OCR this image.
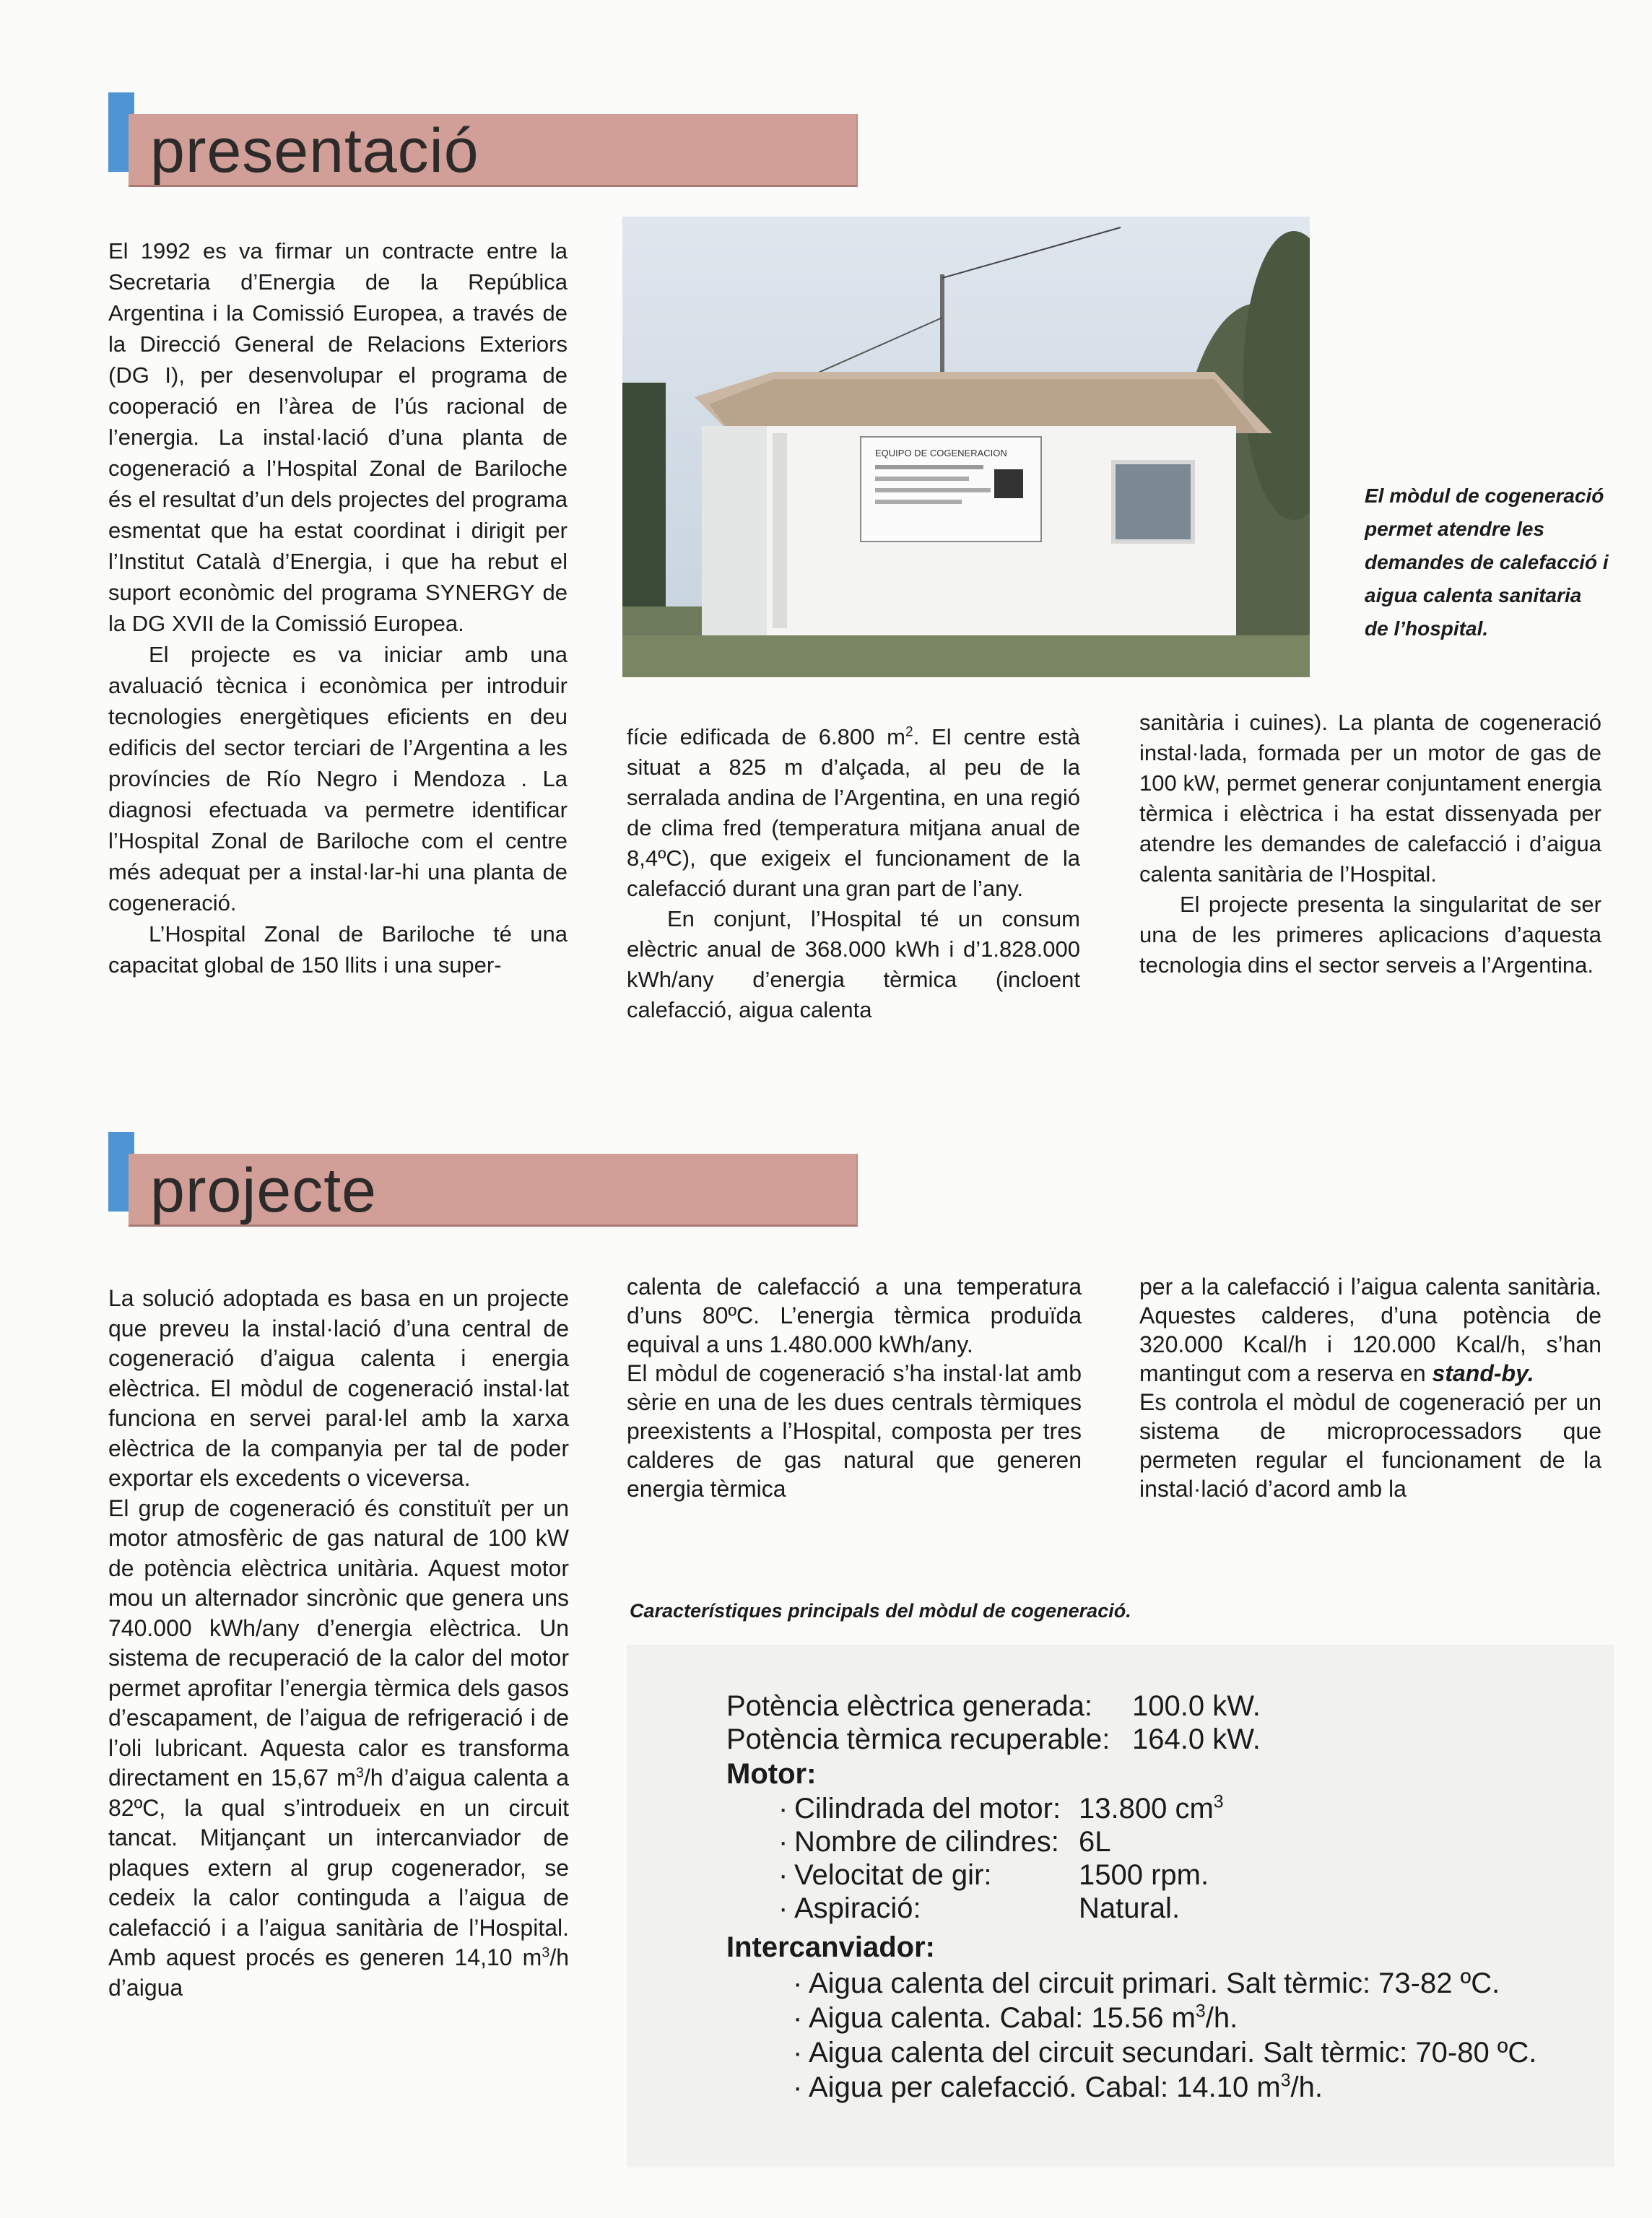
presentació

El 1992 es va firmar un contracte entre la Secretaria d’Energia de la República Argentina i la Comissió Europea, a través de la Direcció General de Relacions Exteriors (DG I), per desenvolupar el programa de cooperació en l’àrea de l’ús racional de l’energia. La instal·lació d’una planta de cogeneració a l’Hospital Zonal de Bariloche és el resultat d’un dels projectes del programa esmentat que ha estat coordinat i dirigit per l’Institut Català d’Energia, i que ha rebut el suport econòmic del programa SYNERGY de la DG XVII de la Comissió Europea.

El projecte es va iniciar amb una avaluació tècnica i econòmica per introduir tecnologies energètiques eficients en deu edificis del sector terciari de l’Argentina a les províncies de Río Negro i Mendoza . La diagnosi efectuada va permetre identificar l’Hospital Zonal de Bariloche com el centre més adequat per a instal·lar-hi una planta de cogeneració.

L’Hospital Zonal de Bariloche té una capacitat global de 150 llits i una super-

EQUIPO DE COGENERACION
El mòdul de cogeneració permet atendre les demandes de calefacció i aigua calenta sanitaria de l’hospital.

fície edificada de 6.800 $m^2$. El centre està situat a 825 m d’alçada, al peu de la serralada andina de l’Argentina, en una regió de clima fred (temperatura mitjana anual de 8,4ºC), que exigeix el funcionament de la calefacció durant una gran part de l’any.

En conjunt, l’Hospital té un consum elèctric anual de 368.000 kWh i d’1.828.000 kWh/any d’energia tèrmica (incloent calefacció, aigua calenta

sanitària i cuines). La planta de cogeneració instal·lada, formada per un motor de gas de 100 kW, permet generar conjuntament energia tèrmica i elèctrica i ha estat dissenyada per atendre les demandes de calefacció i d’aigua calenta sanitària de l’Hospital.

El projecte presenta la singularitat de ser una de les primeres aplicacions d’aquesta tecnologia dins el sector serveis a l’Argentina.

projecte

La solució adoptada es basa en un projecte que preveu la instal·lació d’una central de cogeneració d’aigua calenta i energia elèctrica. El mòdul de cogeneració instal·lat funciona en servei paral·lel amb la xarxa elèctrica de la companyia per tal de poder exportar els excedents o viceversa.

El grup de cogeneració és constituït per un motor atmosfèric de gas natural de 100 kW de potència elèctrica unitària. Aquest motor mou un alternador sincrònic que genera uns 740.000 kWh/any d’energia elèctrica. Un sistema de recuperació de la calor del motor permet aprofitar l’energia tèrmica dels gasos d’escapament, de l’aigua de refrigeració i de l’oli lubricant. Aquesta calor es transforma directament en 15,67 $m^3/h$ d’aigua calenta a 82ºC, la qual s’introdueix en un circuit tancat. Mitjançant un intercanviador de plaques extern al grup cogenerador, se cedeix la calor contingudа a l’aigua de calefacció i a l’aigua sanitària de l’Hospital. Amb aquest procés es generen 14,10 $m^3/h$ d’aigua

calenta de calefacció a una temperatura d’uns 80ºC. L’energia tèrmica produïda equival a uns 1.480.000 kWh/any.

El mòdul de cogeneració s’ha instal·lat amb sèrie en una de les dues centrals tèrmiques preexistents a l’Hospital, composta per tres calderes de gas natural que generen energia tèrmica

per a la calefacció i l’aigua calenta sanitària. Aquestes calderes, d’una potència de 320.000 Kcal/h i 120.000 Kcal/h, s’han mantingut com a reserva en stand-by.

Es controla el mòdul de cogeneració per un sistema de microprocessadors que permeten regular el funcionament de la instal·lació d’acord amb la

Característiques principals del mòdul de cogeneració.
Potència elèctrica generada: 100.0 kW.
Potència tèrmica recuperable: 164.0 kW.
Motor:
· Cilindrada del motor: 13.800 $cm^3$
· Nombre de cilindres: 6L
· Velocitat de gir:	1500 rpm.
· Aspiració:	Natural.
Intercanviador:
· Aigua calenta del circuit primari. Salt tèrmic: 73-82 ºC.
· Aigua calenta. Cabal: 15.56 $m^3/h$.
· Aigua calenta del circuit secundari. Salt tèrmic: 70-80 ºC.
· Aigua per calefacció. Cabal: 14.10 $m^3/h$.
